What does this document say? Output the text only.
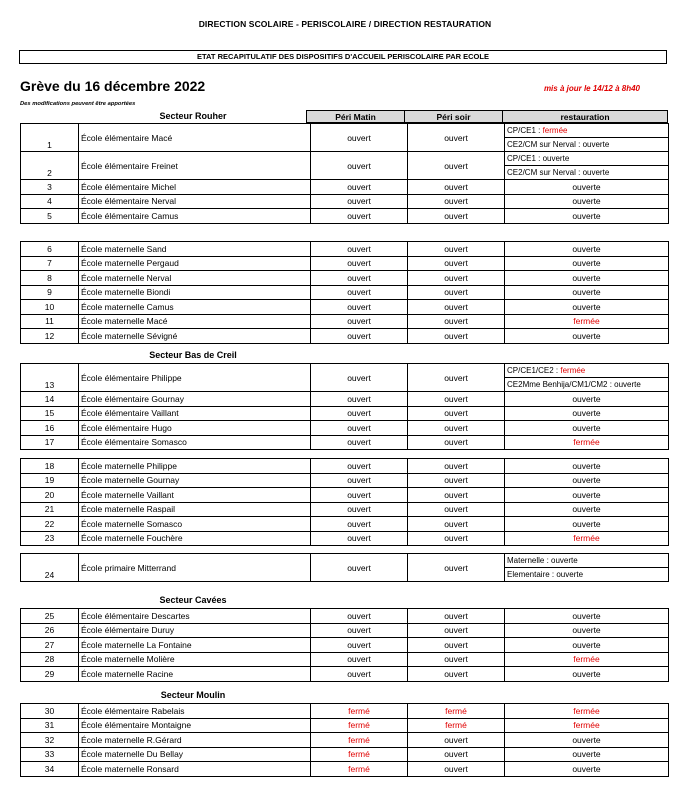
DIRECTION SCOLAIRE - PERISCOLAIRE / DIRECTION RESTAURATION
ETAT RECAPITULATIF DES DISPOSITIFS D'ACCUEIL PERISCOLAIRE PAR ECOLE
Grève du 16 décembre 2022	mis à jour le 14/12 à 8h40
Des modifications peuvent être apportées
Secteur Rouher	Péri Matin	Péri soir	restauration
1	École élémentaire Macé	ouvert	ouvert	CP/CE1 : fermée
CE2/CM sur Nerval : ouverte

2	École élémentaire Freinet	ouvert	ouvert	CP/CE1 : ouverte
CE2/CM sur Nerval : ouverte

3	École élémentaire Michel	ouvert	ouvert	ouverte
4	École élémentaire Nerval	ouvert	ouvert	ouverte
5	École élémentaire Camus	ouvert	ouvert	ouverte
6	École maternelle Sand	ouvert	ouvert	ouverte
7	École maternelle Pergaud	ouvert	ouvert	ouverte
8	École maternelle Nerval	ouvert	ouvert	ouverte
9	École maternelle Biondi	ouvert	ouvert	ouverte
10	École maternelle Camus	ouvert	ouvert	ouverte
11	École maternelle Macé	ouvert	ouvert	fermée
12	École maternelle Sévigné	ouvert	ouvert	ouverte
Secteur Bas de Creil
13	École élémentaire Philippe	ouvert	ouvert	CP/CE1/CE2 : fermée
CE2Mme Benhija/CM1/CM2 : ouverte

14	École élémentaire Gournay	ouvert	ouvert	ouverte
15	École élémentaire Vaillant	ouvert	ouvert	ouverte
16	École élémentaire Hugo	ouvert	ouvert	ouverte
17	École élémentaire Somasco	ouvert	ouvert	fermée
18	École maternelle Philippe	ouvert	ouvert	ouverte
19	École maternelle Gournay	ouvert	ouvert	ouverte
20	École maternelle Vaillant	ouvert	ouvert	ouverte
21	École maternelle Raspail	ouvert	ouvert	ouverte
22	École maternelle Somasco	ouvert	ouvert	ouverte
23	École maternelle Fouchère	ouvert	ouvert	fermée
24	École primaire Mitterrand	ouvert	ouvert	
Maternelle : ouverte
Elementaire : ouverte
Secteur Cavées
25	École élémentaire Descartes	ouvert	ouvert	ouverte
26	École élémentaire Duruy	ouvert	ouvert	ouverte
27	École maternelle La Fontaine	ouvert	ouvert	ouverte
28	École maternelle Molière	ouvert	ouvert	fermée
29	École maternelle Racine	ouvert	ouvert	ouverte
Secteur Moulin
30	École élémentaire Rabelais	fermé	fermé	fermée
31	École élémentaire Montaigne	fermé	fermé	fermée
32	École maternelle R.Gérard	fermé	ouvert	ouverte
33	École maternelle Du Bellay	fermé	ouvert	ouverte
34	École maternelle Ronsard	fermé	ouvert	ouverte
